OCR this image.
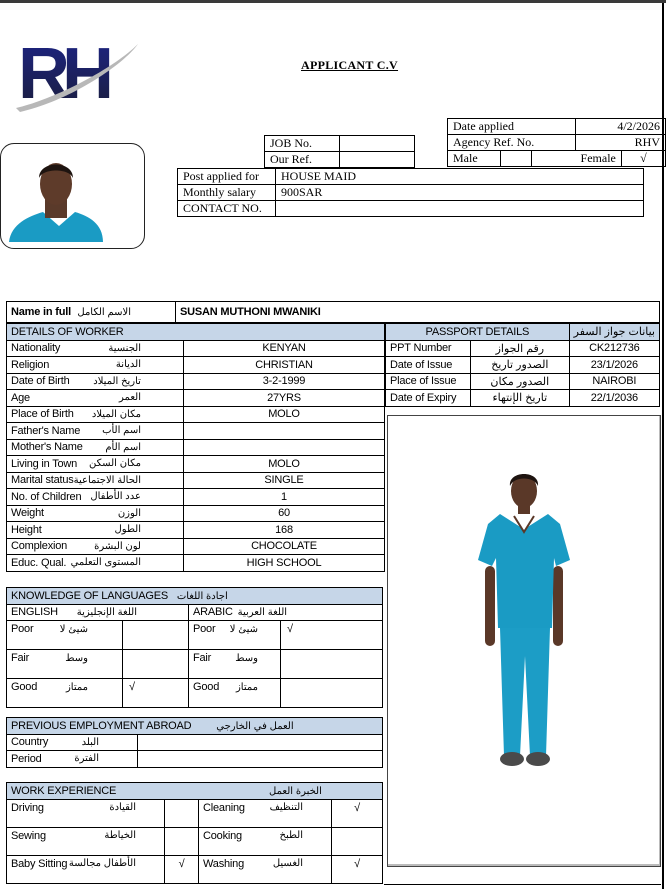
RH	APPLICANT C.V
JOB No.	
Our Ref.	
Date applied			4/2/2026	
Agency Ref. No.			RHV	
Male			Female	√
Post applied for	HOUSE MAID
Monthly salary	900SAR
CONTACT NO.	
Name in full الاسم الكامل	SUSAN MUTHONI MWANIKI
DETAILS OF WORKER	

Nationality الجنسية	KENYAN

Religion الديانة	CHRISTIAN

Date of Birth تاريخ الميلاد	3-2-1999

Age العمر	27YRS

Place of Birth مكان الميلاد	MOLO

Father's Name اسم الأب	

Mother's Name اسم الأم	

Living in Town مكان السكن	MOLO

Marital status الحالة الاجتماعية	SINGLE

No. of Children عدد الأطفال	1

Weight الوزن	60

Height الطول	168

Complexion لون البشرة	CHOCOLATE

Educ. Qual. المستوى التعلمي	HIGH SCHOOL
PASSPORT DETAILS		بيانات جواز السفر
PPT Number	رقم الجواز	CK212736
Date of Issue	الصدور تاريخ	23/1/2026
Place of Issue	الصدور مكان	NAIROBI
Date of Expiry	تاريخ الإنتهاء	22/1/2036
KNOWLEDGE OF LANGUAGES اجادة اللغات			
ENGLISH اللغة الإنجليزية		ARABIC اللغة العربية	

Poor شيئ لا		Poor شيئ لا	√

Fair وسط		Fair وسط	

Good ممتاز	√	Good ممتاز	

PREVIOUS EMPLOYMENT ABROAD العمل في الخارجي	

Country البلد	

Period الفترة	

WORK EXPERIENCE الخبرة العمل			

Driving القيادة		Cleaning التنظيف	√

Sewing الخياطة		Cooking الطبخ	

Baby Sitting الأطفال مجالسة	√	Washing الغسيل	√
